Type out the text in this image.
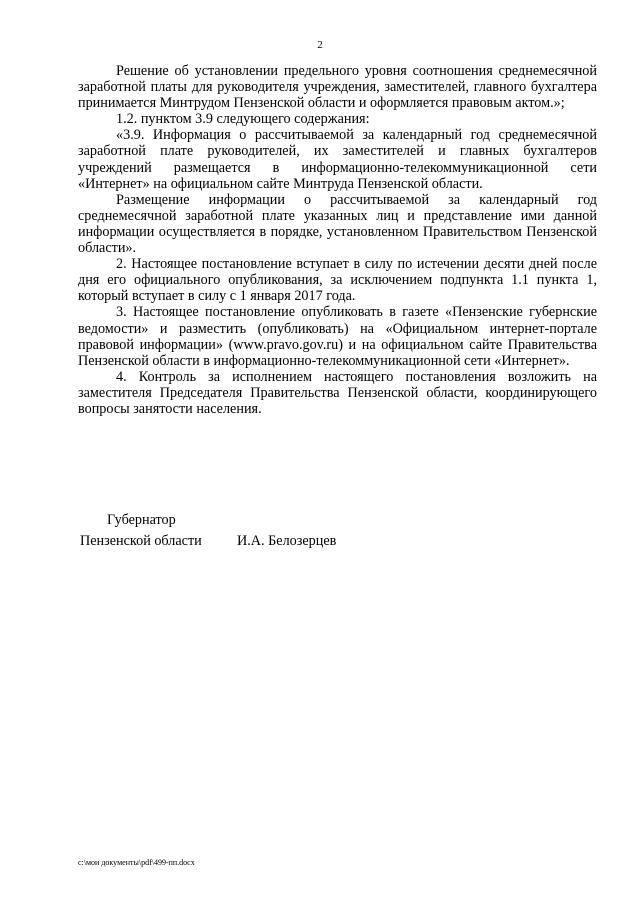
2

Решение об установлении предельного уровня соотношения среднемесячной заработной платы для руководителя учреждения, заместителей, главного бухгалтера принимается Минтрудом Пензенской области и оформляется правовым актом.»;

1.2. пунктом 3.9 следующего содержания:

«3.9. Информация о рассчитываемой за календарный год среднемесячной заработной плате руководителей, их заместителей и главных бухгалтеров учреждений размещается в информационно-телекоммуникационной сети «Интернет» на официальном сайте Минтруда Пензенской области.

Размещение информации о рассчитываемой за календарный год среднемесячной заработной плате указанных лиц и представление ими данной информации осуществляется в порядке, установленном Правительством Пензенской области».

2. Настоящее постановление вступает в силу по истечении десяти дней после дня его официального опубликования, за исключением подпункта 1.1 пункта 1, который вступает в силу с 1 января 2017 года.

3. Настоящее постановление опубликовать в газете «Пензенские губернские ведомости» и разместить (опубликовать) на «Официальном интернет-портале правовой информации» (www.pravo.gov.ru) и на официальном сайте Правительства Пензенской области в информационно-телекоммуникационной сети «Интернет».

4. Контроль за исполнением настоящего постановления возложить на заместителя Председателя Правительства Пензенской области, координирующего вопросы занятости населения.

Губернатор
Пензенской области И.А. Белозерцев
c:\мои документы\pdf\499-пп.docx
